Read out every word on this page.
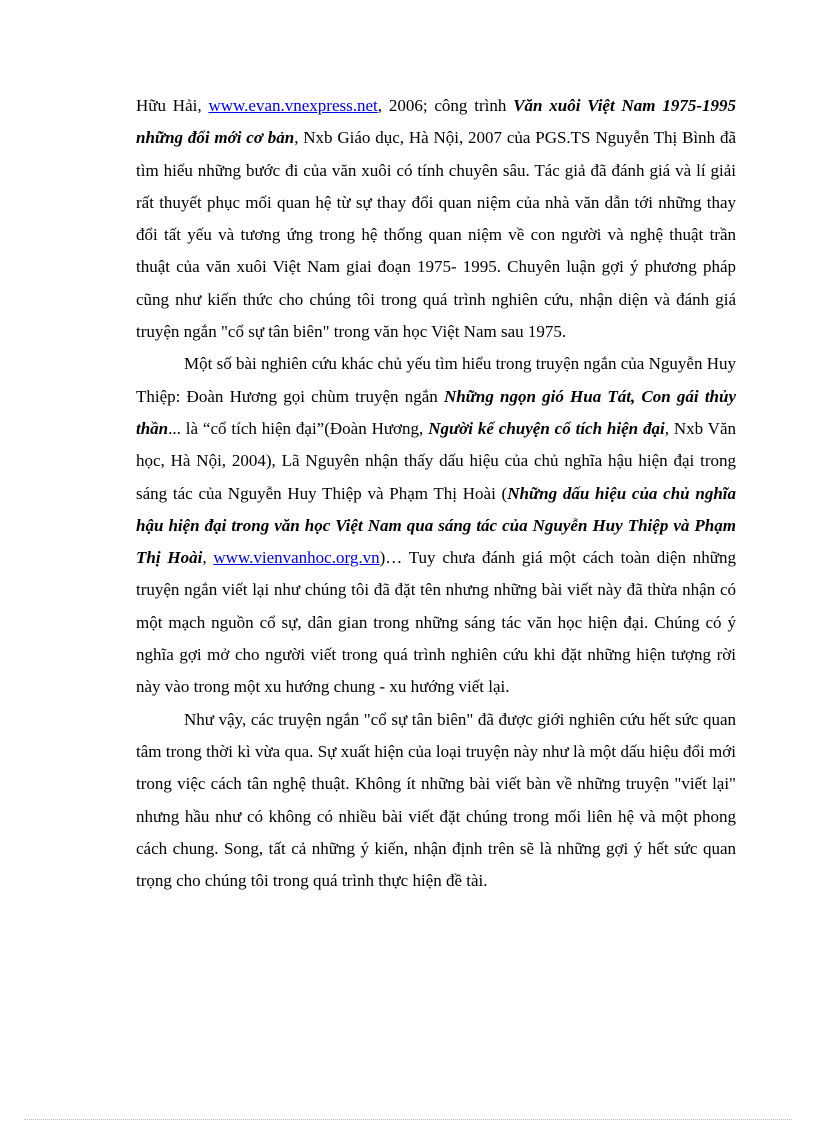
Hữu Hải, www.evan.vnexpress.net, 2006; công trình Văn xuôi Việt Nam 1975-1995 những đổi mới cơ bản, Nxb Giáo dục, Hà Nội, 2007 của PGS.TS Nguyễn Thị Bình đã tìm hiểu những bước đi của văn xuôi có tính chuyên sâu. Tác giả đã đánh giá và lí giải rất thuyết phục mối quan hệ từ sự thay đổi quan niệm của nhà văn dẫn tới những thay đổi tất yếu và tương ứng trong hệ thống quan niệm về con người và nghệ thuật trần thuật của văn xuôi Việt Nam giai đoạn 1975- 1995. Chuyên luận gợi ý phương pháp cũng như kiến thức cho chúng tôi trong quá trình nghiên cứu, nhận diện và đánh giá truyện ngắn "cổ sự tân biên" trong văn học Việt Nam sau 1975.

Một số bài nghiên cứu khác chủ yếu tìm hiểu trong truyện ngắn của Nguyễn Huy Thiệp: Đoàn Hương gọi chùm truyện ngắn Những ngọn gió Hua Tát, Con gái thủy thần... là “cổ tích hiện đại”(Đoàn Hương, Người kể chuyện cổ tích hiện đại, Nxb Văn học, Hà Nội, 2004), Lã Nguyên nhận thấy dấu hiệu của chủ nghĩa hậu hiện đại trong sáng tác của Nguyễn Huy Thiệp và Phạm Thị Hoài (Những dấu hiệu của chủ nghĩa hậu hiện đại trong văn học Việt Nam qua sáng tác của Nguyễn Huy Thiệp và Phạm Thị Hoài, www.vienvanhoc.org.vn)… Tuy chưa đánh giá một cách toàn diện những truyện ngắn viết lại như chúng tôi đã đặt tên nhưng những bài viết này đã thừa nhận có một mạch nguồn cổ sự, dân gian trong những sáng tác văn học hiện đại. Chúng có ý nghĩa gợi mở cho người viết trong quá trình nghiên cứu khi đặt những hiện tượng rời này vào trong một xu hướng chung - xu hướng viết lại.

Như vậy, các truyện ngắn "cổ sự tân biên" đã được giới nghiên cứu hết sức quan tâm trong thời kì vừa qua. Sự xuất hiện của loại truyện này như là một dấu hiệu đổi mới trong việc cách tân nghệ thuật. Không ít những bài viết bàn về những truyện "viết lại" nhưng hầu như có không có nhiều bài viết đặt chúng trong mối liên hệ và một phong cách chung. Song, tất cả những ý kiến, nhận định trên sẽ là những gợi ý hết sức quan trọng cho chúng tôi trong quá trình thực hiện đề tài.
